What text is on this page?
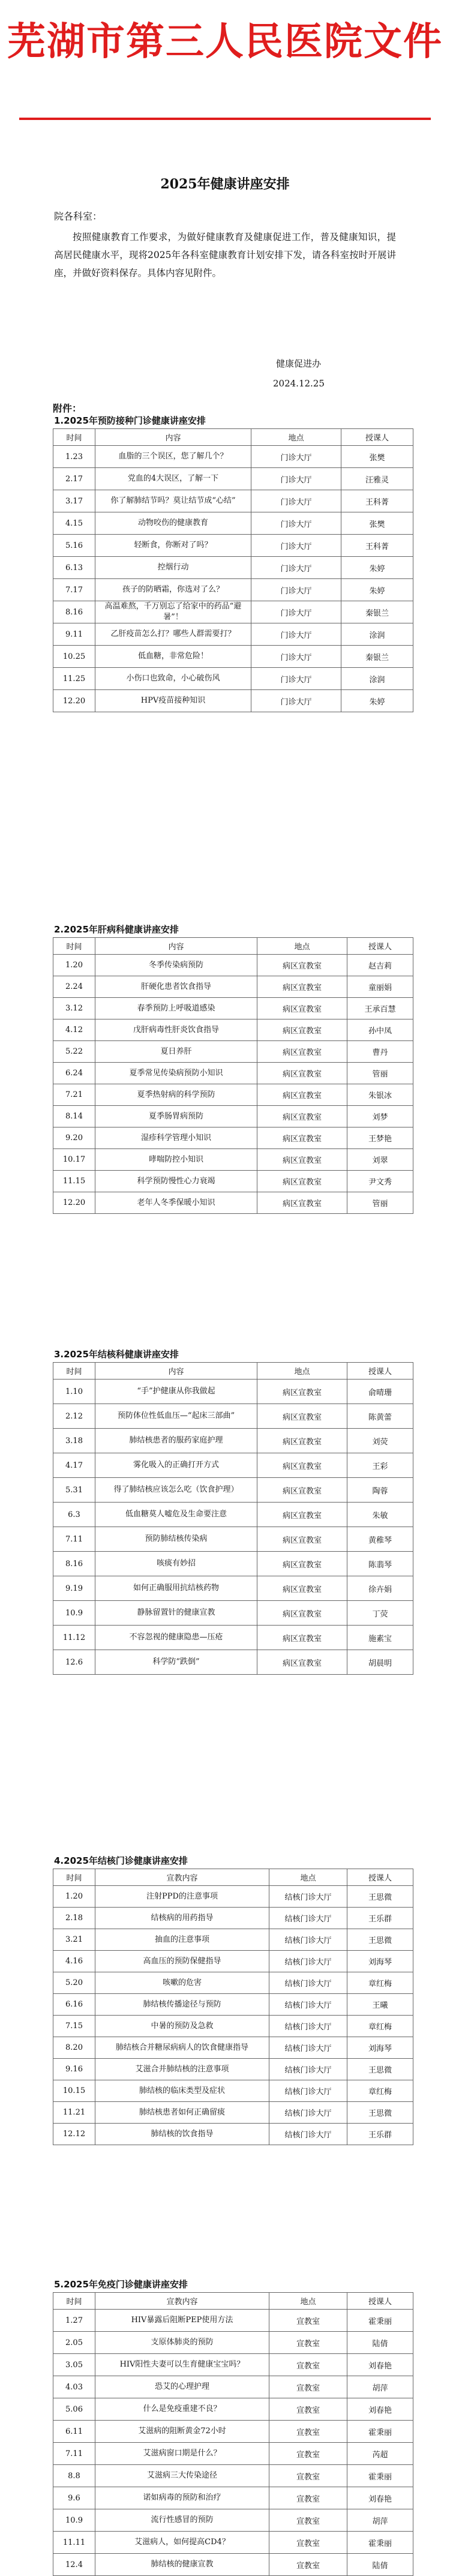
芜湖市第三人民医院文件
2025年健康讲座安排
院各科室：
按照健康教育工作要求，为做好健康教育及健康促进工作，普及健康知识，提高居民健康水平，现将2025年各科室健康教育计划安排下发，请各科室按时开展讲座，并做好资料保存。具体内容见附件。
健康促进办
2024.12.25
附件：
1.2025年预防接种门诊健康讲座安排
时间	内容	地点	授课人
1.23	血脂的三个误区，您了解几个？	门诊大厅	张樊
2.17	党血的4大误区，了解一下	门诊大厅	汪雅灵
3.17	你了解肺结节吗？莫让结节成“心结”	门诊大厅	王科菁
4.15	动物咬伤的健康教育	门诊大厅	张樊
5.16	轻断食，你断对了吗？	门诊大厅	王科菁
6.13	控烟行动	门诊大厅	朱婷
7.17	孩子的防晒霜，你选对了么？	门诊大厅	朱婷
8.16	高温难熬，千万别忘了给家中的药品“避暑”！	门诊大厅	秦银兰
9.11	乙肝疫苗怎么打？哪些人群需要打？	门诊大厅	涂润
10.25	低血糖，非常危险！	门诊大厅	秦银兰
11.25	小伤口也致命，小心破伤风	门诊大厅	涂润
12.20	HPV疫苗接种知识	门诊大厅	朱婷
2.2025年肝病科健康讲座安排
时间	内容	地点	授课人
1.20	冬季传染病预防	病区宣教室	赵吉莉
2.24	肝硬化患者饮食指导	病区宣教室	童丽娟
3.12	春季预防上呼吸道感染	病区宣教室	王承百慧
4.12	戊肝病毒性肝炎饮食指导	病区宣教室	孙中凤
5.22	夏日养肝	病区宣教室	曹丹
6.24	夏季常见传染病预防小知识	病区宣教室	管丽
7.21	夏季热射病的科学预防	病区宣教室	朱银冰
8.14	夏季肠胃病预防	病区宣教室	刘梦
9.20	湿疹科学管理小知识	病区宣教室	王梦艳
10.17	哮喘防控小知识	病区宣教室	刘翠
11.15	科学预防慢性心力衰竭	病区宣教室	尹文秀
12.20	老年人冬季保暖小知识	病区宣教室	管丽
3.2025年结核科健康讲座安排
时间	内容	地点	授课人
1.10	“手”护健康从你我做起	病区宣教室	俞晴珊
2.12	预防体位性低血压—“起床三部曲”	病区宣教室	陈黄蕾
3.18	肺结核患者的服药家庭护理	病区宣教室	刘荧
4.17	雾化吸入的正确打开方式	病区宣教室	王彩
5.31	得了肺结核应该怎么吃（饮食护理）	病区宣教室	陶蓉
6.3	低血糖莫人嘘危及生命要注意	病区宣教室	朱敏
7.11	预防肺结核传染病	病区宣教室	黄稚琴
8.16	咳痰有妙招	病区宣教室	陈翡琴
9.19	如何正确服用抗结核药物	病区宣教室	徐卉娟
10.9	静脉留置针的健康宣教	病区宣教室	丁荧
11.12	不容忽视的健康隐患—压疮	病区宣教室	施素宝
12.6	科学防“跌倒”	病区宣教室	胡晨明
4.2025年结核门诊健康讲座安排
时间	宣教内容	地点	授课人
1.20	注射PPD的注意事项	结核门诊大厅	王思微
2.18	结核病的用药指导	结核门诊大厅	王乐群
3.21	抽血的注意事项	结核门诊大厅	王思微
4.16	高血压的预防保健指导	结核门诊大厅	刘海琴
5.20	咳嗽的危害	结核门诊大厅	章红梅
6.16	肺结核传播途径与预防	结核门诊大厅	王曦
7.15	中暑的预防及急救	结核门诊大厅	章红梅
8.20	肺结核合并糖尿病病人的饮食健康指导	结核门诊大厅	刘海琴
9.16	艾滋合并肺结核的注意事项	结核门诊大厅	王思微
10.15	肺结核的临床类型及症状	结核门诊大厅	章红梅
11.21	肺结核患者如何正确留痰	结核门诊大厅	王思微
12.12	肺结核的饮食指导	结核门诊大厅	王乐群
5.2025年免疫门诊健康讲座安排
时间	宣教内容	地点	授课人
1.27	HIV暴露后阻断PEP使用方法	宣教室	霍秉丽
2.05	支原体肺炎的预防	宣教室	陆倩
3.05	HIV阳性夫妻可以生育健康宝宝吗？	宣教室	刘春艳
4.03	恐艾的心理护理	宣教室	胡萍
5.06	什么是免疫重建不良？	宣教室	刘春艳
6.11	艾滋病的阻断黄金72小时	宣教室	霍秉丽
7.11	艾滋病窗口期是什么？	宣教室	芮超
8.8	艾滋病三大传染途径	宣教室	霍秉丽
9.6	诺如病毒的预防和治疗	宣教室	刘春艳
10.9	流行性感冒的预防	宣教室	胡萍
11.11	艾滋病人，如何提高CD4？	宣教室	霍秉丽
12.4	肺结核的健康宣教	宣教室	陆倩
